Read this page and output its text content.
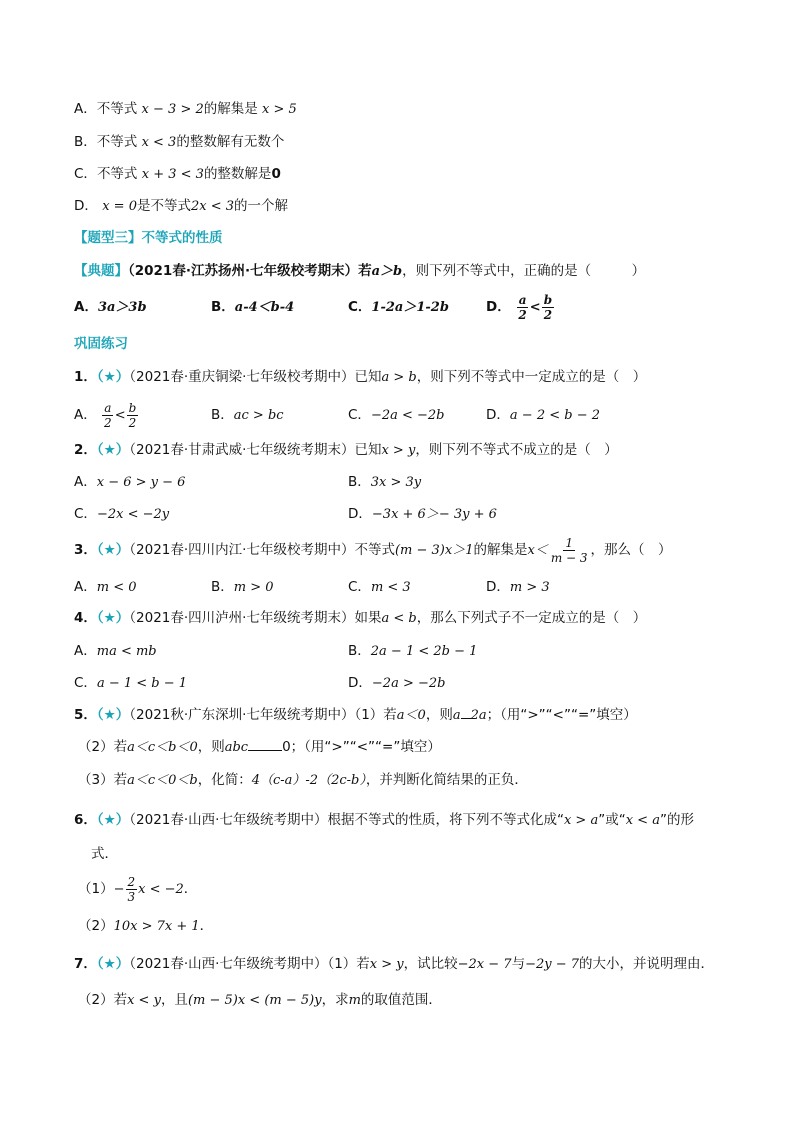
A．不等式 x − 3 > 2的解集是 x > 5
B．不等式 x < 3的整数解有无数个
C．不等式 x + 3 < 3的整数解是0
D． x = 0是不等式2x < 3的一个解
【题型三】不等式的性质
【典题】（2021春·江苏扬州·七年级校考期末）若a＞b，则下列不等式中，正确的是（　　　）
A．3a＞3b	B．a-4＜b-4	C．1-2a＞1-2b	D． $\frac{a}{2} < \frac{b}{2}$
巩固练习
1．（★）（2021春·重庆铜梁·七年级校考期中）已知a > b，则下列不等式中一定成立的是（　）
A． $\frac{a}{2} < \frac{b}{2}$	B．ac > bc	C．−2a < −2b	D．a − 2 < b − 2
2．（★）（2021春·甘肃武威·七年级统考期末）已知x > y，则下列不等式不成立的是（　）
A．x − 6 > y − 6	B．3x > 3y
C．−2x < −2y	D．−3x + 6＞− 3y + 6
3．（★）（2021春·四川内江·七年级校考期中）不等式(m − 3)x＞1的解集是$x< \frac{1}{m - 3}$ ，那么（　）
A．m < 0	B．m > 0	C．m < 3	D．m > 3
4．（★）（2021春·四川泸州·七年级统考期末）如果a < b，那么下列式子不一定成立的是（　）
A．ma < mb	B．2a − 1 < 2b − 1
C．a − 1 < b − 1	D．−2a > −2b
5．（★）（2021秋·广东深圳·七年级统考期中）（1）若a＜0，则a 2a；（用“>”“<”“=”填空）
（2）若a＜c＜b＜0，则abc	0；（用“>”“<”“=”填空）
（3）若a＜c＜0＜b，化简：4（c-a）-2（2c-b），并判断化简结果的正负．
6．（★）（2021春·山西·七年级统考期中）根据不等式的性质，将下列不等式化成“x > a”或“x < a”的形
式．
$(1)- \frac{2}{3}$ x < −2．
（2）10x > 7x + 1．
7．（★）（2021春·山西·七年级统考期中）（1）若x > y，试比较−2x − 7与−2y − 7的大小，并说明理由．
（2）若x < y，且(m − 5)x < (m − 5)y，求m的取值范围．
